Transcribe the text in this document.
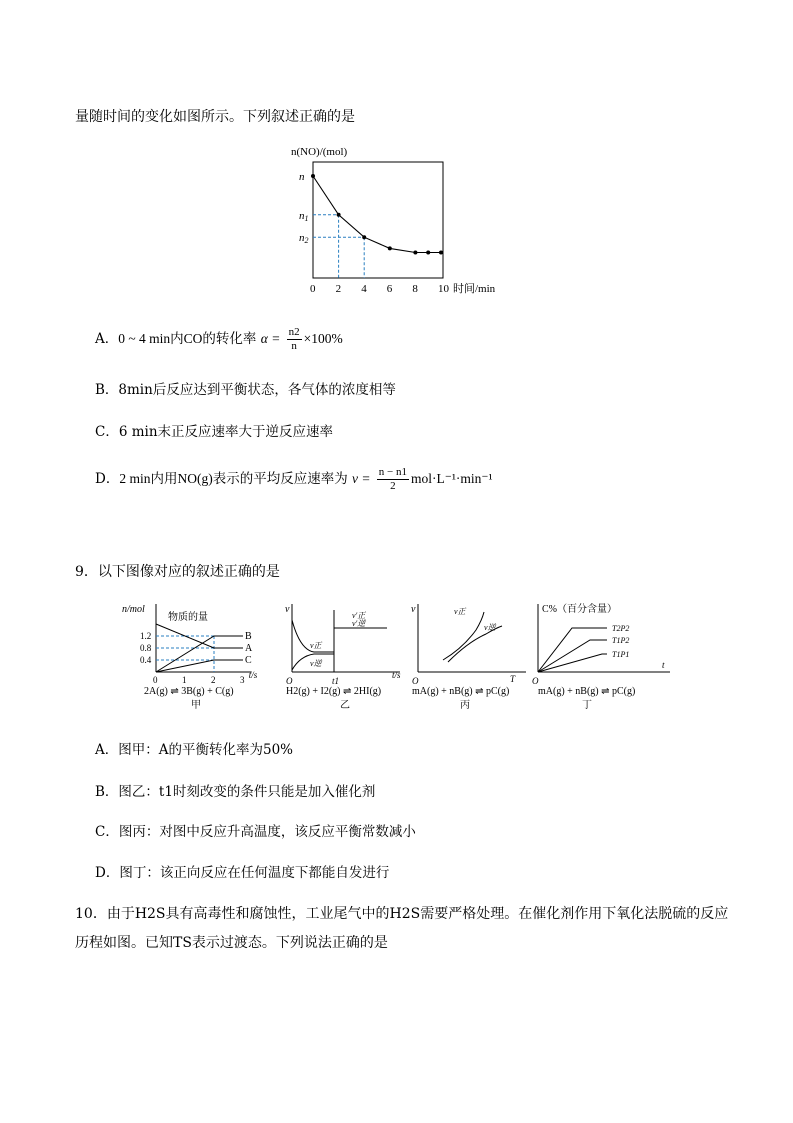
量随时间的变化如图所示。下列叙述正确的是
n(NO)/(mol)
时间/min
0 2 4 6 8 10
n
n1
n2
A．0 ~ 4 min内CO的转化率 $\alpha = \frac{n2}{n} \times 100\%$
B．8min后反应达到平衡状态，各气体的浓度相等
C．6 min末正反应速率大于逆反应速率
D．2 min内用NO(g)表示的平均反应速率为 $v = \frac{n - n1}{2} mol\cdot L^{-1}\cdot\min^{-1}$
9．以下图像对应的叙述正确的是
n/mol
物质的量
t/s
1.2
0.8
0.4
0	1	2	3
B
A
C
2A(g) ⇌ 3B(g) + C(g)
甲
v
t/s
O	t1
v正
v逆
v′正
v′逆
H2(g) + I2(g) ⇌ 2HI(g)
乙
v
T
O
v正
v逆
mA(g) + nB(g) ⇌ pC(g)
丙
C%（百分含量）
t
O
T2P2
T1P2
T1P1
mA(g) + nB(g) ⇌ pC(g)
丁
A．图甲：A的平衡转化率为50%
B．图乙：t1时刻改变的条件只能是加入催化剂
C．图丙：对图中反应升高温度，该反应平衡常数减小
D．图丁：该正向反应在任何温度下都能自发进行
10．由于H2S具有高毒性和腐蚀性，工业尾气中的H2S需要严格处理。在催化剂作用下氧化法脱硫的反应
历程如图。已知TS表示过渡态。下列说法正确的是
